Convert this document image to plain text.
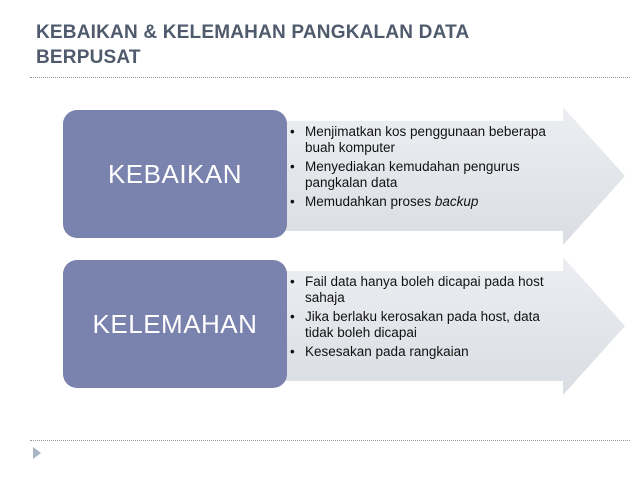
KEBAIKAN & KELEMAHAN PANGKALAN DATA
BERPUSAT
KEBAIKAN
• Menjimatkan kos penggunaan beberapa buah komputer
• Menyediakan kemudahan pengurus pangkalan data
• Memudahkan proses backup
KELEMAHAN
• Fail data hanya boleh dicapai pada host sahaja
• Jika berlaku kerosakan pada host, data tidak boleh dicapai
• Kesesakan pada rangkaian
